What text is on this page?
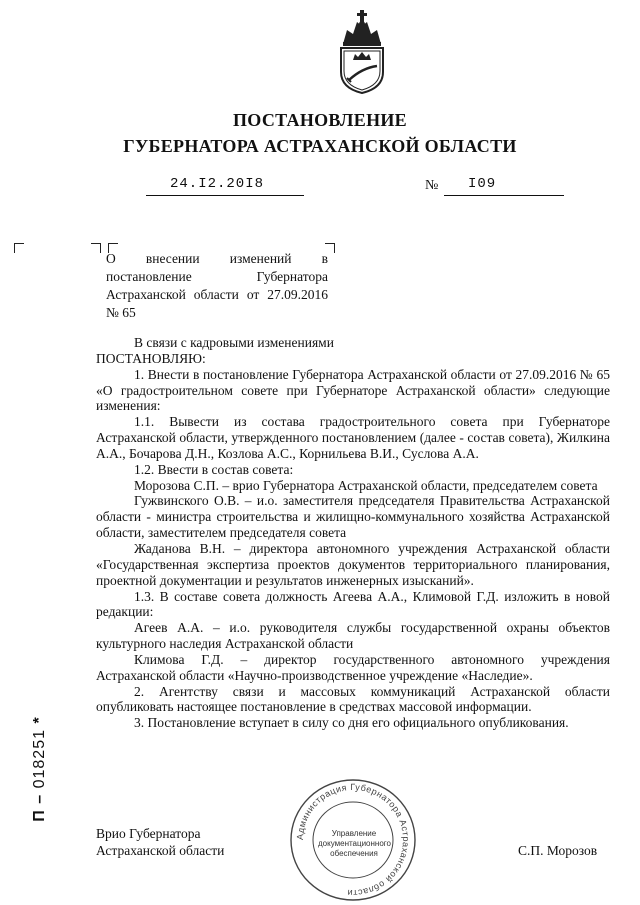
ПОСТАНОВЛЕНИЕ
ГУБЕРНАТОРА АСТРАХАНСКОЙ ОБЛАСТИ
24.I2.20I8	№ I09
О внесении изменений в постановление Губернатора Астраханской области от 27.09.2016 № 65

В связи с кадровыми изменениями

ПОСТАНОВЛЯЮ:

1. Внести в постановление Губернатора Астраханской области от 27.09.2016 № 65 «О градостроительном совете при Губернаторе Астраханской области» следующие изменения:

1.1. Вывести из состава градостроительного совета при Губернаторе Астраханской области, утвержденного постановлением (далее - состав совета), Жилкина А.А., Бочарова Д.Н., Козлова А.С., Корнильева В.И., Суслова А.А.

1.2. Ввести в состав совета:

Морозова С.П. – врио Губернатора Астраханской области, председателем совета

Гужвинского О.В. – и.о. заместителя председателя Правительства Астраханской области - министра строительства и жилищно-коммунального хозяйства Астраханской области, заместителем председателя совета

Жаданова В.Н. – директора автономного учреждения Астраханской области «Государственная экспертиза проектов документов территориального планирования, проектной документации и результатов инженерных изысканий».

1.3. В составе совета должность Агеева А.А., Климовой Г.Д. изложить в новой редакции:

Агеев А.А. – и.о. руководителя службы государственной охраны объектов культурного наследия Астраханской области

Климова Г.Д. – директор государственного автономного учреждения Астраханской области «Научно-производственное учреждение «Наследие».

2. Агентству связи и массовых коммуникаций Астраханской области опубликовать настоящее постановление в средствах массовой информации.

3. Постановление вступает в силу со дня его официального опубликования.

Врио Губернатора
Астраханской области	С.П. Морозов
Администрация Губернатора Астраханской области
Управление
документационного
обеспечения
П – 018251 *
